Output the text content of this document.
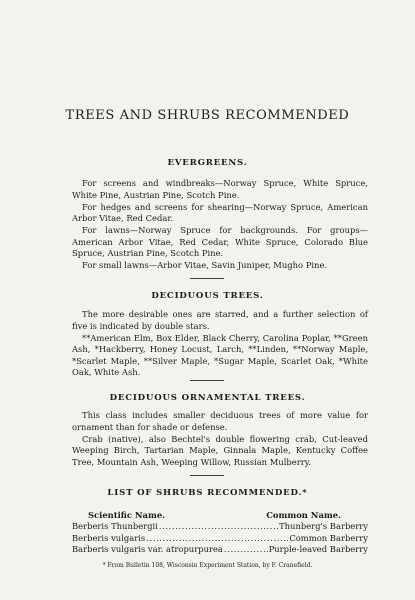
TREES AND SHRUBS RECOMMENDED
EVERGREENS.

For screens and windbreaks—Norway Spruce, White Spruce, White Pine, Austrian Pine, Scotch Pine.

For hedges and screens for shearing—Norway Spruce, American Arbor Vitae, Red Cedar.

For lawns—Norway Spruce for backgrounds. For groups—American Arbor Vitae, Red Cedar, White Spruce, Colorado Blue Spruce, Austrian Pine, Scotch Pine.

For small lawns—Arbor Vitae, Savin Juniper, Mugho Pine.

DECIDUOUS TREES.

The more desirable ones are starred, and a further selection of five is indicated by double stars.

**American Elm, Box Elder, Black Cherry, Carolina Poplar, **Green Ash, *Hackberry, Honey Locust, Larch, **Linden, **Norway Maple, *Scarlet Maple, **Silver Maple, *Sugar Maple, Scarlet Oak, *White Oak, White Ash.

DECIDUOUS ORNAMENTAL TREES.

This class includes smaller deciduous trees of more value for ornament than for shade or defense.

Crab (native), also Bechtel's double flowering crab, Cut-leaved Weeping Birch, Tartarian Maple, Ginnala Maple, Kentucky Coffee Tree, Mountain Ash, Weeping Willow, Russian Mulberry.

LIST OF SHRUBS RECOMMENDED.*
Scientific Name.	Common Name.
Berberis Thunbergii .....	Thunberg's Barberry
Berberis vulgaris .....	Common Barberry
Barberis vulgaris var. atropurpurea .....	Purple-leaved Barberry
* From Bulletin 108, Wisconsin Experiment Station, by F. Cranefield.
